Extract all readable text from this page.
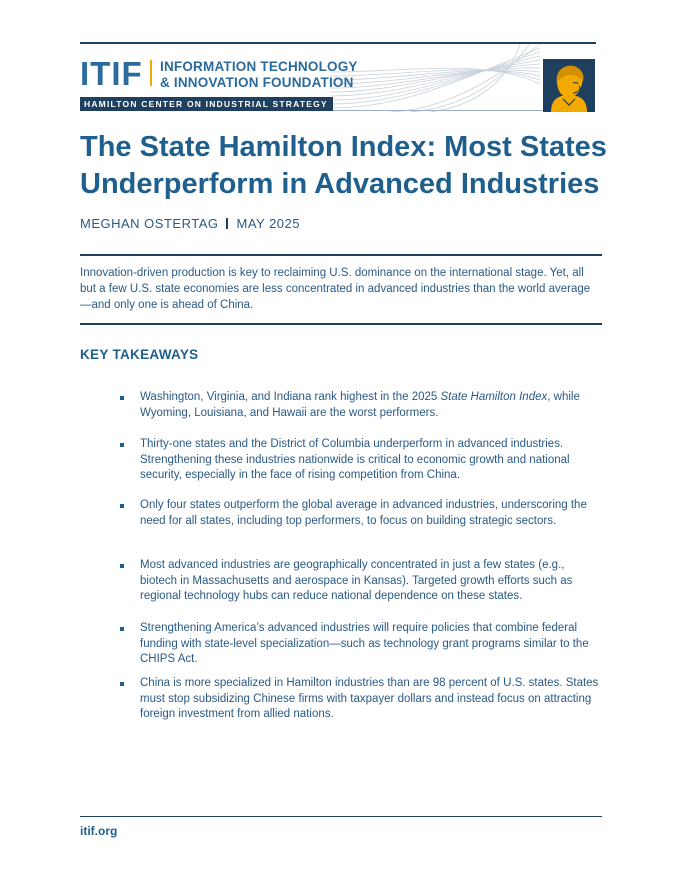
ITIF INFORMATION TECHNOLOGY
& INNOVATION FOUNDATION
HAMILTON CENTER ON INDUSTRIAL STRATEGY
The State Hamilton Index: Most States Underperform in Advanced Industries
MEGHAN OSTERTAG MAY 2025

Innovation-driven production is key to reclaiming U.S. dominance on the international stage. Yet, all but a few U.S. state economies are less concentrated in advanced industries than the world average—and only one is ahead of China.

KEY TAKEAWAYS
Washington, Virginia, and Indiana rank highest in the 2025 State Hamilton Index, while Wyoming, Louisiana, and Hawaii are the worst performers.
Thirty-one states and the District of Columbia underperform in advanced industries. Strengthening these industries nationwide is critical to economic growth and national security, especially in the face of rising competition from China.
Only four states outperform the global average in advanced industries, underscoring the need for all states, including top performers, to focus on building strategic sectors.
Most advanced industries are geographically concentrated in just a few states (e.g., biotech in Massachusetts and aerospace in Kansas). Targeted growth efforts such as regional technology hubs can reduce national dependence on these states.
Strengthening America’s advanced industries will require policies that combine federal funding with state-level specialization—such as technology grant programs similar to the CHIPS Act.
China is more specialized in Hamilton industries than are 98 percent of U.S. states. States must stop subsidizing Chinese firms with taxpayer dollars and instead focus on attracting foreign investment from allied nations.
itif.org
